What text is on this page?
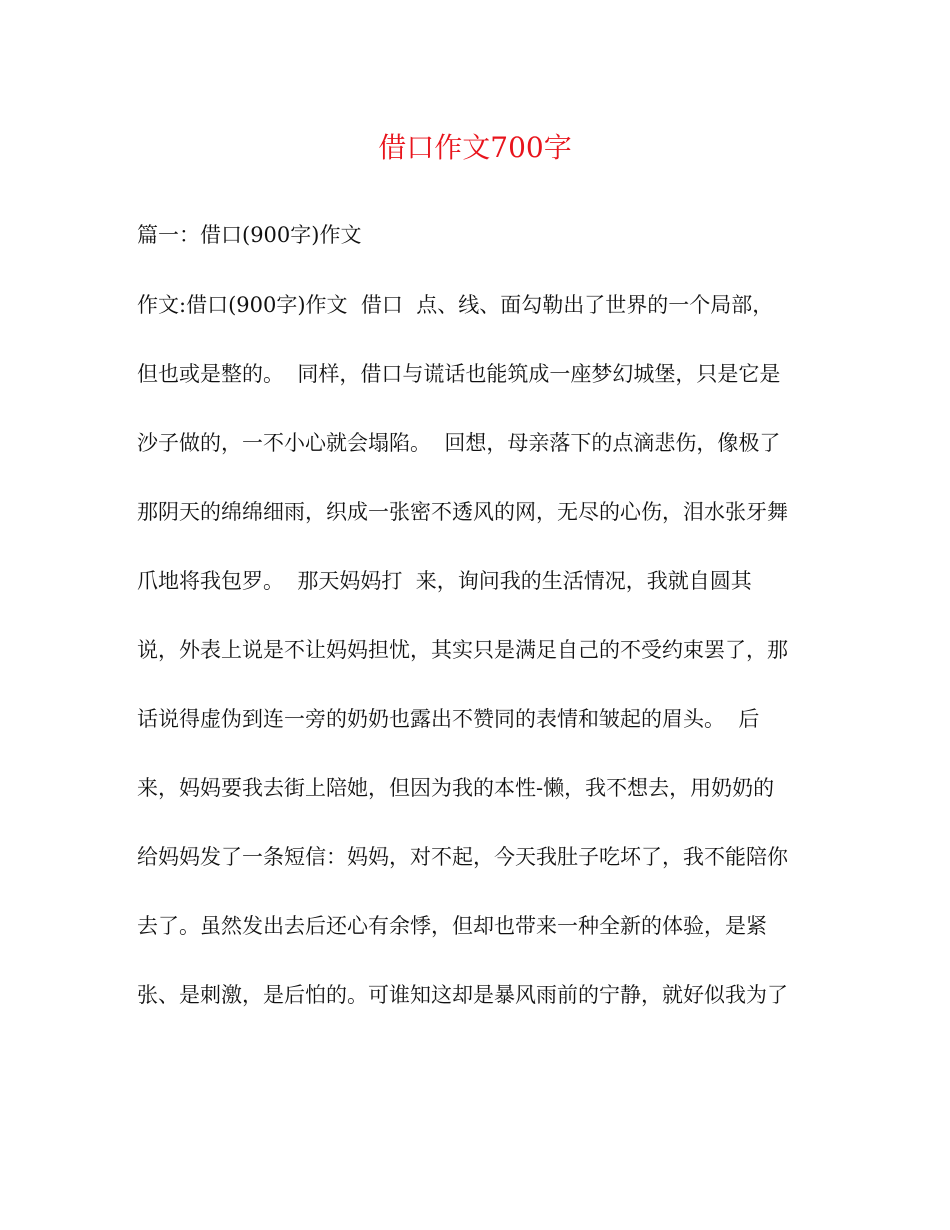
借口作文700字
篇一：借口(900字)作文
作文:借口(900字)作文  借口  点、线、面勾勒出了世界的一个局部，
但也或是整的。  同样，借口与谎话也能筑成一座梦幻城堡，只是它是
沙子做的，一不小心就会塌陷。  回想，母亲落下的点滴悲伤，像极了
那阴天的绵绵细雨，织成一张密不透风的网，无尽的心伤，泪水张牙舞
爪地将我包罗。  那天妈妈打  来，询问我的生活情况，我就自圆其
说，外表上说是不让妈妈担忧，其实只是满足自己的不受约束罢了，那
话说得虚伪到连一旁的奶奶也露出不赞同的表情和皱起的眉头。  后
来，妈妈要我去街上陪她，但因为我的本性-懒，我不想去，用奶奶的
给妈妈发了一条短信：妈妈，对不起，今天我肚子吃坏了，我不能陪你
去了。虽然发出去后还心有余悸，但却也带来一种全新的体验，是紧
张、是刺激，是后怕的。可谁知这却是暴风雨前的宁静，就好似我为了
